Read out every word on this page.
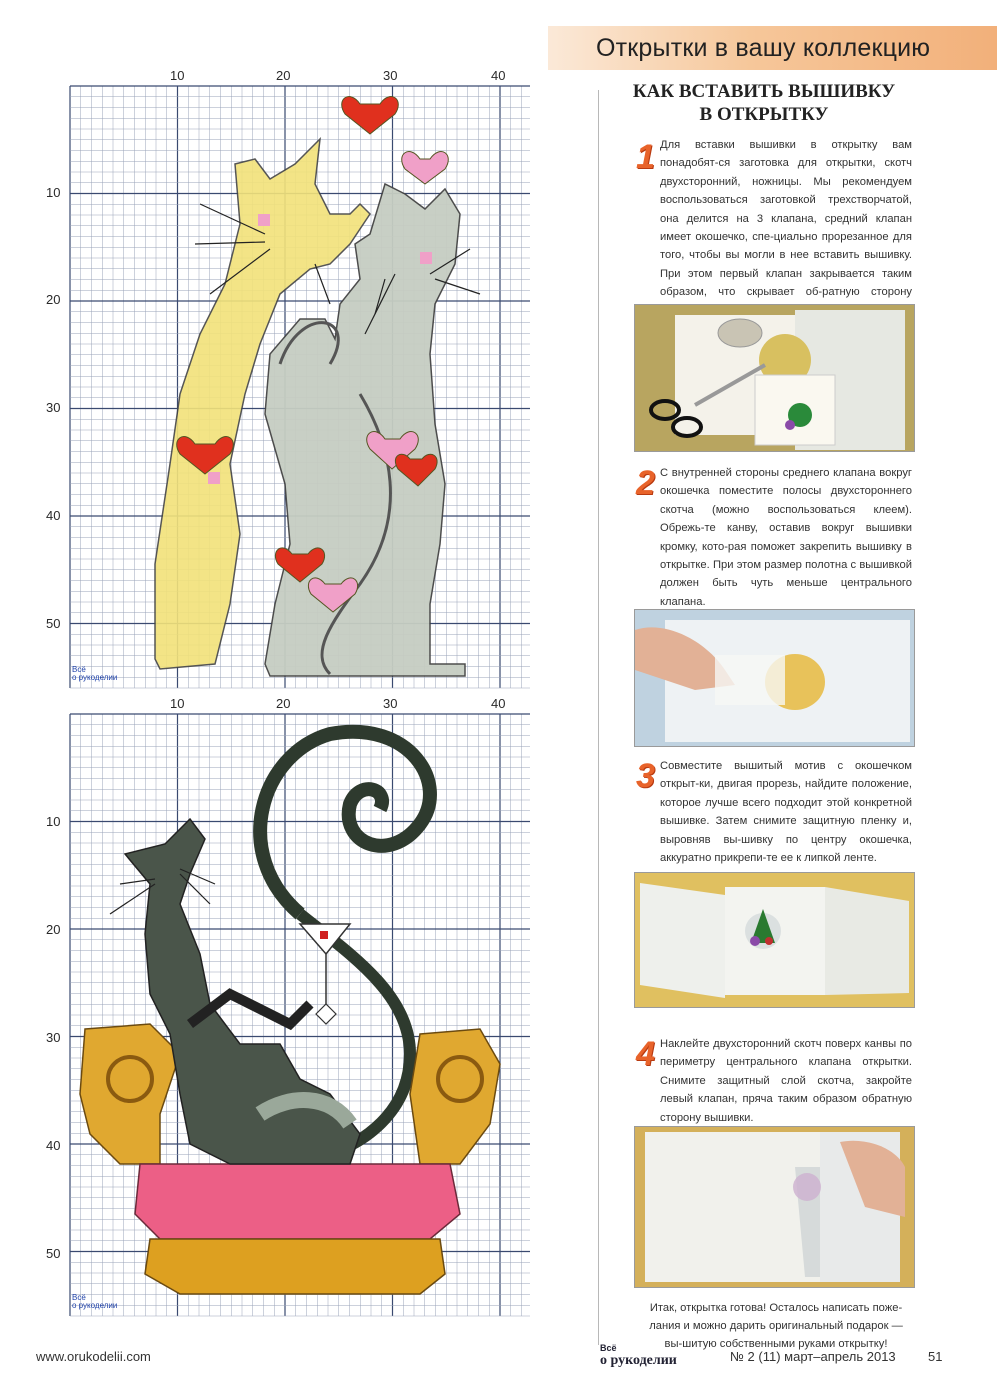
10	20	30	40
10
20
30
40
50
Всё
о рукоделии
10	20	30	40
10
20
30
40
50
Всё
о рукоделии
Открытки в вашу коллекцию
КАК ВСТАВИТЬ ВЫШИВКУ
В ОТКРЫТКУ
1 Для вставки вышивки в открытку вам понадобят-ся заготовка для открытки, скотч двухсторонний, ножницы. Мы рекомендуем воспользоваться заготовкой трехстворчатой, она делится на 3 клапана, средний клапан имеет окошечко, спе-циально прорезанное для того, чтобы вы могли в нее вставить вышивку. При этом первый клапан закрывается таким образом, что скрывает об-ратную сторону
2 С внутренней стороны среднего клапана вокруг окошечка поместите полосы двухстороннего скотча (можно воспользоваться клеем). Обрежь-те канву, оставив вокруг вышивки кромку, кото-рая поможет закрепить вышивку в открытке. При этом размер полотна с вышивкой должен быть чуть меньше центрального клапана.
3 Совместите вышитый мотив с окошечком открыт-ки, двигая прорезь, найдите положение, которое лучше всего подходит этой конкретной вышивке. Затем снимите защитную пленку и, выровняв вы-шивку по центру окошечка, аккуратно прикрепи-те ее к липкой ленте.
4 Наклейте двухсторонний скотч поверх канвы по периметру центрального клапана открытки. Снимите защитный слой скотча, закройте левый клапан, пряча таким образом обратную сторону вышивки.
Итак, открытка готова! Осталось написать поже-лания и можно дарить оригинальный подарок — вы-шитую собственными руками открытку!
www.orukodelii.com
Всё
о рукоделии	№ 2 (11) март–апрель 2013 51
